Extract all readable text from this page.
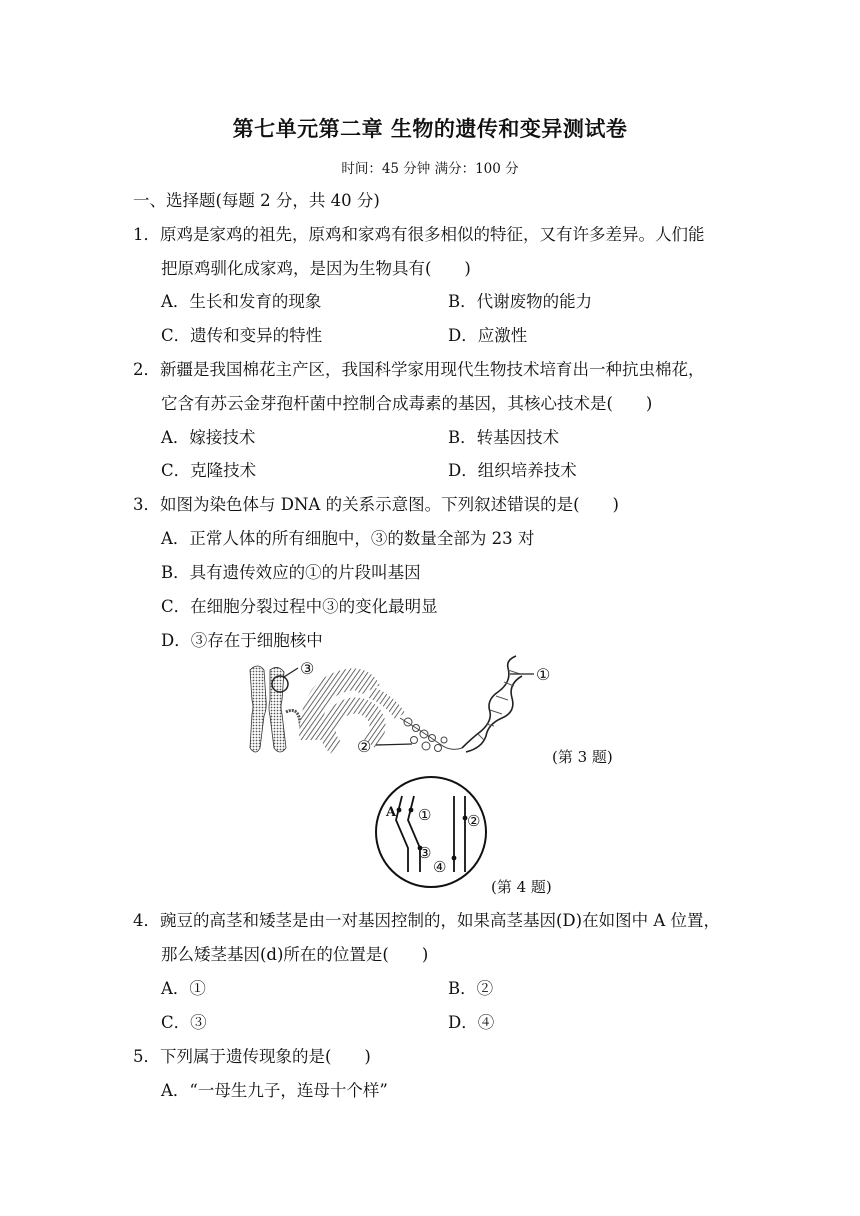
第七单元第二章 生物的遗传和变异测试卷
时间：45 分钟 满分：100 分
一、选择题(每题 2 分，共 40 分)
1．原鸡是家鸡的祖先，原鸡和家鸡有很多相似的特征，又有许多差异。人们能
把原鸡驯化成家鸡，是因为生物具有(　　)
A．生长和发育的现象	B．代谢废物的能力
C．遗传和变异的特性	D．应激性
2．新疆是我国棉花主产区，我国科学家用现代生物技术培育出一种抗虫棉花，
它含有苏云金芽孢杆菌中控制合成毒素的基因，其核心技术是(　　)
A．嫁接技术	B．转基因技术
C．克隆技术	D．组织培养技术
3．如图为染色体与 DNA 的关系示意图。下列叙述错误的是(　　)
A．正常人体的所有细胞中，③的数量全部为 23 对
B．具有遗传效应的①的片段叫基因
C．在细胞分裂过程中③的变化最明显
D．③存在于细胞核中
③
②
①
(第 3 题)
A ① ②
③
④
(第 4 题)
4．豌豆的高茎和矮茎是由一对基因控制的，如果高茎基因(D)在如图中 A 位置，
那么矮茎基因(d)所在的位置是(　　)
A．①	B．②
C．③	D．④
5．下列属于遗传现象的是(　　)
A．“一母生九子，连母十个样”
